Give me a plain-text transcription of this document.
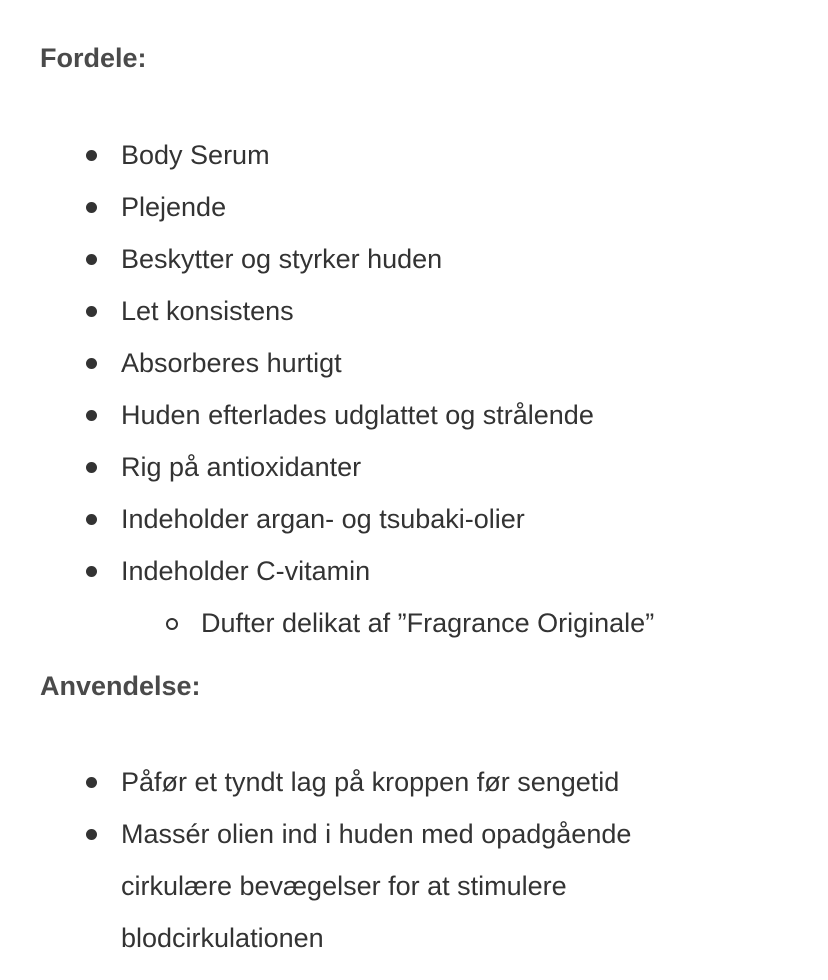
Fordele:
Body Serum
Plejende
Beskytter og styrker huden
Let konsistens
Absorberes hurtigt
Huden efterlades udglattet og strålende
Rig på antioxidanter
Indeholder argan- og tsubaki-olier
Indeholder C-vitamin
Dufter delikat af ”Fragrance Originale”
Anvendelse:
Påfør et tyndt lag på kroppen før sengetid
Massér olien ind i huden med opadgående cirkulære bevægelser for at stimulere blodcirkulationen
